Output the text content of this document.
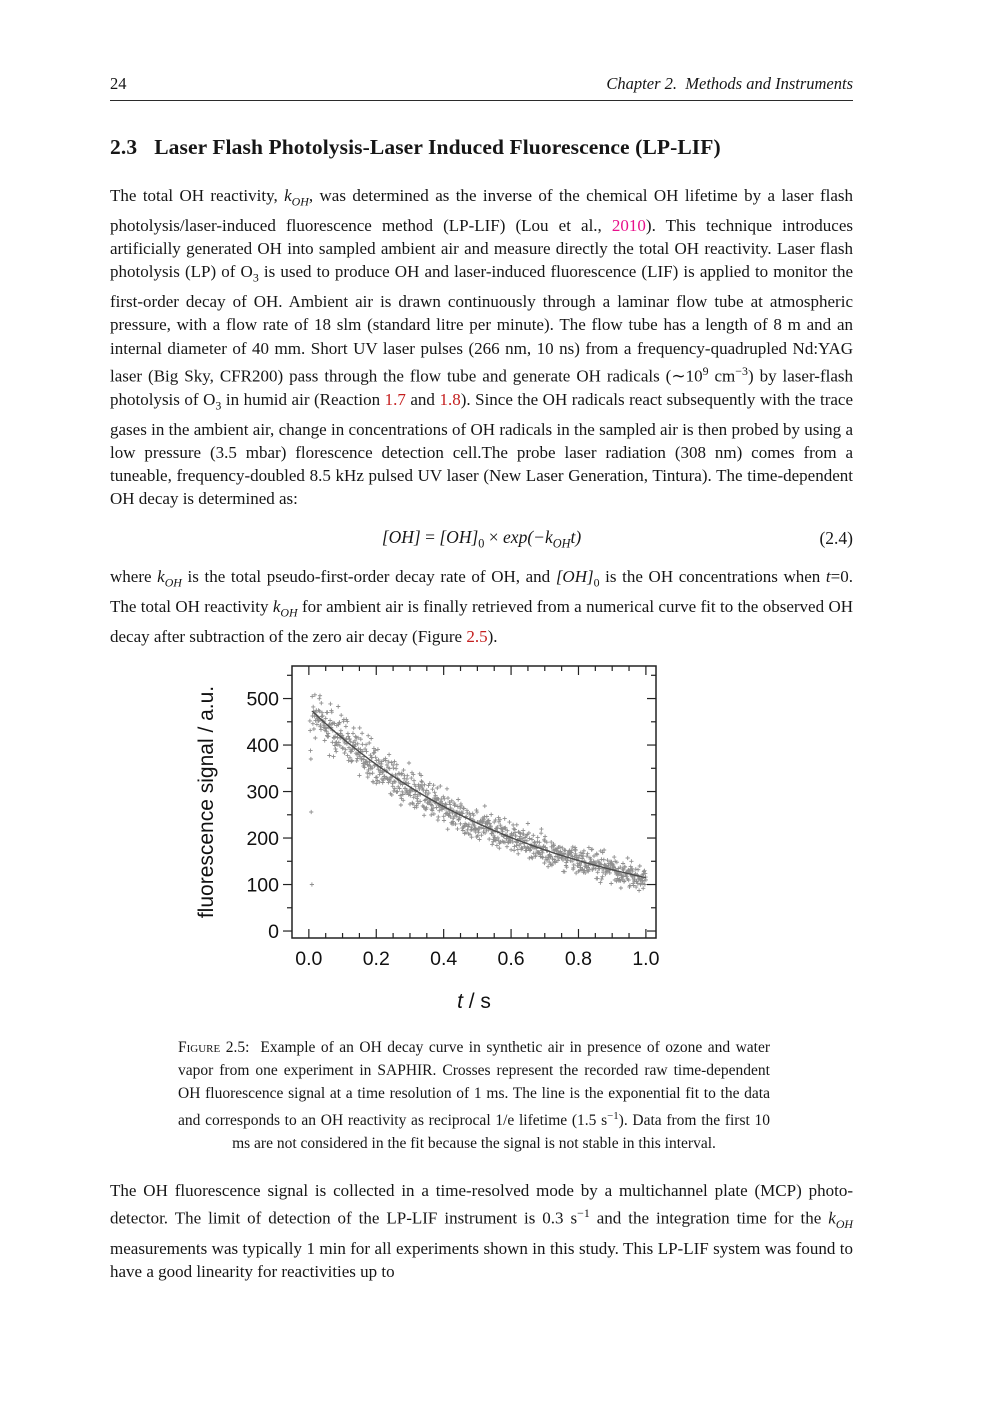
24	Chapter 2.  Methods and Instruments
2.3 Laser Flash Photolysis-Laser Induced Fluorescence (LP-LIF)

The total OH reactivity, $k_{OH}$, was determined as the inverse of the chemical OH lifetime by a laser flash photolysis/laser-induced fluorescence method (LP-LIF) (Lou et al., 2010). This technique introduces artificially generated OH into sampled ambient air and measure directly the total OH reactivity. Laser flash photolysis (LP) of $O_3$ is used to produce OH and laser-induced fluorescence (LIF) is applied to monitor the first-order decay of OH. Ambient air is drawn continuously through a laminar flow tube at atmospheric pressure, with a flow rate of 18 slm (standard litre per minute). The flow tube has a length of 8 m and an internal diameter of 40 mm. Short UV laser pulses (266 nm, 10 ns) from a frequency-quadrupled Nd:YAG laser (Big Sky, CFR200) pass through the flow tube and generate OH radicals ($\sim 10^9$ $cm^{-3}$) by laser-flash photolysis of $O_3$ in humid air (Reaction 1.7 and 1.8). Since the OH radicals react subsequently with the trace gases in the ambient air, change in concentrations of OH radicals in the sampled air is then probed by using a low pressure (3.5 mbar) florescence detection cell.The probe laser radiation (308 nm) comes from a tuneable, frequency-doubled 8.5 kHz pulsed UV laser (New Laser Generation, Tintura). The time-dependent OH decay is determined as:

$[OH] = [OH]_0 \times \exp(-k_{OH}t)$	(2.4)

where $k_{OH}$ is the total pseudo-first-order decay rate of OH, and $[OH]_0$ is the OH concentrations when t=0. The total OH reactivity $k_{OH}$ for ambient air is finally retrieved from a numerical curve fit to the observed OH decay after subtraction of the zero air decay (Figure 2.5).

0.0 0.2 0.4 0.6 0.8 1.0
0
100
200
300
400
500
fluorescence signal / a.u.
t / s
Figure 2.5:  Example of an OH decay curve in synthetic air in presence of ozone and water vapor from one experiment in SAPHIR. Crosses represent the recorded raw time-dependent OH fluorescence signal at a time resolution of 1 ms. The line is the exponential fit to the data and corresponds to an OH reactivity as reciprocal 1/e lifetime (1.5 $s^{-1}$). Data from the first 10 ms are not considered in the fit because the signal is not stable in this interval.

The OH fluorescence signal is collected in a time-resolved mode by a multichannel plate (MCP) photo-detector. The limit of detection of the LP-LIF instrument is 0.3 $s^{-1}$ and the integration time for the $k_{OH}$ measurements was typically 1 min for all experiments shown in this study. This LP-LIF system was found to have a good linearity for reactivities up to
